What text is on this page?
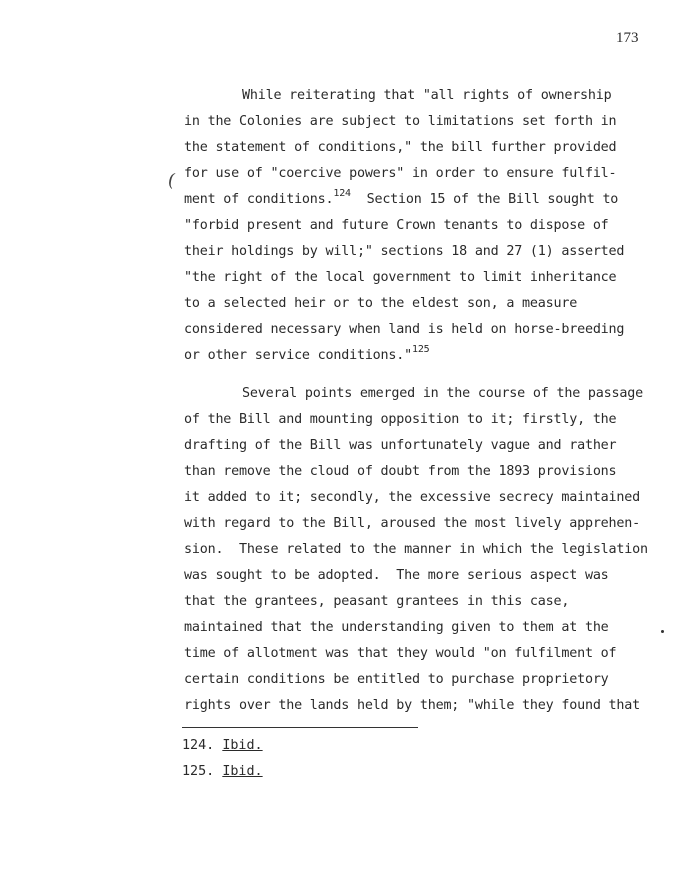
173
(
While reiterating that "all rights of ownership
in the Colonies are subject to limitations set forth in
the statement of conditions," the bill further provided
for use of "coercive powers" in order to ensure fulfil-
ment of conditions.$^{124}$ Section 15 of the Bill sought to
"forbid present and future Crown tenants to dispose of
their holdings by will;" sections 18 and 27 (1) asserted
"the right of the local government to limit inheritance
to a selected heir or to the eldest son, a measure
considered necessary when land is held on horse-breeding
or other service conditions."$^{125}$
Several points emerged in the course of the passage
of the Bill and mounting opposition to it; firstly, the
drafting of the Bill was unfortunately vague and rather
than remove the cloud of doubt from the 1893 provisions
it added to it; secondly, the excessive secrecy maintained
with regard to the Bill, aroused the most lively apprehen-
sion.  These related to the manner in which the legislation
was sought to be adopted.  The more serious aspect was
that the grantees, peasant grantees in this case,
maintained that the understanding given to them at the
time of allotment was that they would "on fulfilment of
certain conditions be entitled to purchase proprietory
rights over the lands held by them; "while they found that
124. Ibid.
125. Ibid.
